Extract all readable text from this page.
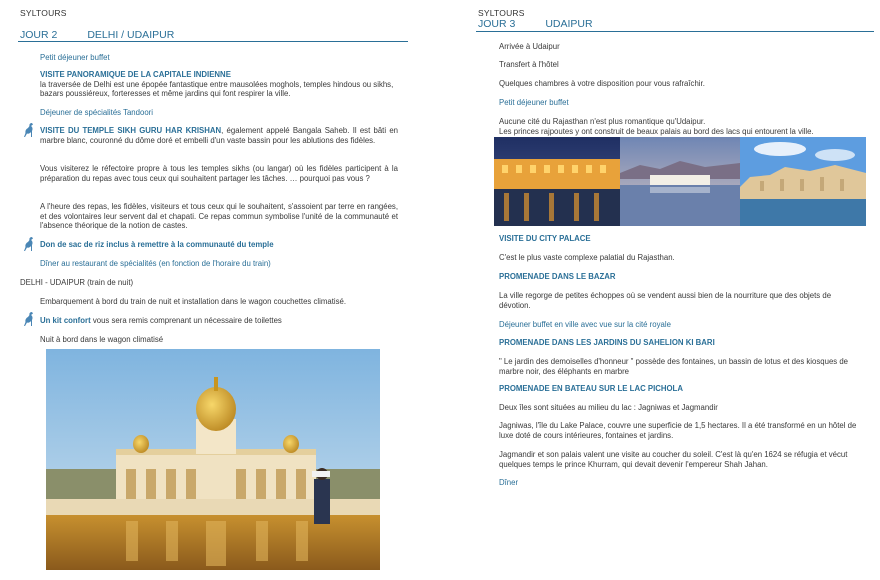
SYLTOURS
JOUR 2	DELHI / UDAIPUR
Petit déjeuner buffet
VISITE PANORAMIQUE DE LA CAPITALE INDIENNE
la traversée de Delhi est une épopée fantastique entre mausolées moghols, temples hindous ou sikhs, bazars poussiéreux, forteresses et même jardins qui font respirer la ville.
Déjeuner de spécialités Tandoori
VISITE DU TEMPLE SIKH GURU HAR KRISHAN, également appelé Bangala Saheb. Il est bâti en marbre blanc, couronné du dôme doré et embelli d'un vaste bassin pour les ablutions des fidèles.
Vous visiterez le réfectoire propre à tous les temples sikhs (ou langar) où les fidèles participent à la préparation du repas avec tous ceux qui souhaitent partager les tâches. … pourquoi pas vous ?
A l'heure des repas, les fidèles, visiteurs et tous ceux qui le souhaitent, s'assoient par terre en rangées, et des volontaires leur servent dal et chapati. Ce repas commun symbolise l'unité de la communauté et l'absence théorique de la notion de castes.
Don de sac de riz inclus à remettre à la communauté du temple
Dîner au restaurant de spécialités (en fonction de l'horaire du train)
DELHI - UDAIPUR (train de nuit)
Embarquement à bord du train de nuit et installation dans le wagon couchettes climatisé.
Un kit confort vous sera remis comprenant un nécessaire de toilettes
Nuit à bord dans le wagon climatisé
SYLTOURS
JOUR 3	UDAIPUR
Arrivée à Udaipur
Transfert à l'hôtel
Quelques chambres à votre disposition pour vous rafraîchir.
Petit déjeuner buffet
Aucune cité du Rajasthan n'est plus romantique qu'Udaipur.
Les princes rajpoutes y ont construit de beaux palais au bord des lacs qui entourent la ville.
VISITE DU CITY PALACE
C'est le plus vaste complexe palatial du Rajasthan.
PROMENADE DANS LE BAZAR
La ville regorge de petites échoppes où se vendent aussi bien de la nourriture que des objets de dévotion.
Déjeuner buffet en ville avec vue sur la cité royale
PROMENADE DANS LES JARDINS DU SAHELION KI BARI
" Le jardin des demoiselles d'honneur " possède des fontaines, un bassin de lotus et des kiosques de marbre noir, des éléphants en marbre
PROMENADE EN BATEAU SUR LE LAC PICHOLA
Deux îles sont situées au milieu du lac : Jagniwas et Jagmandir
Jagniwas, l'île du Lake Palace, couvre une superficie de 1,5 hectares. Il a été transformé en un hôtel de luxe doté de cours intérieures, fontaines et jardins.
Jagmandir et son palais valent une visite au coucher du soleil. C'est là qu'en 1624 se réfugia et vécut quelques temps le prince Khurram, qui devait devenir l'empereur Shah Jahan.
Dîner
